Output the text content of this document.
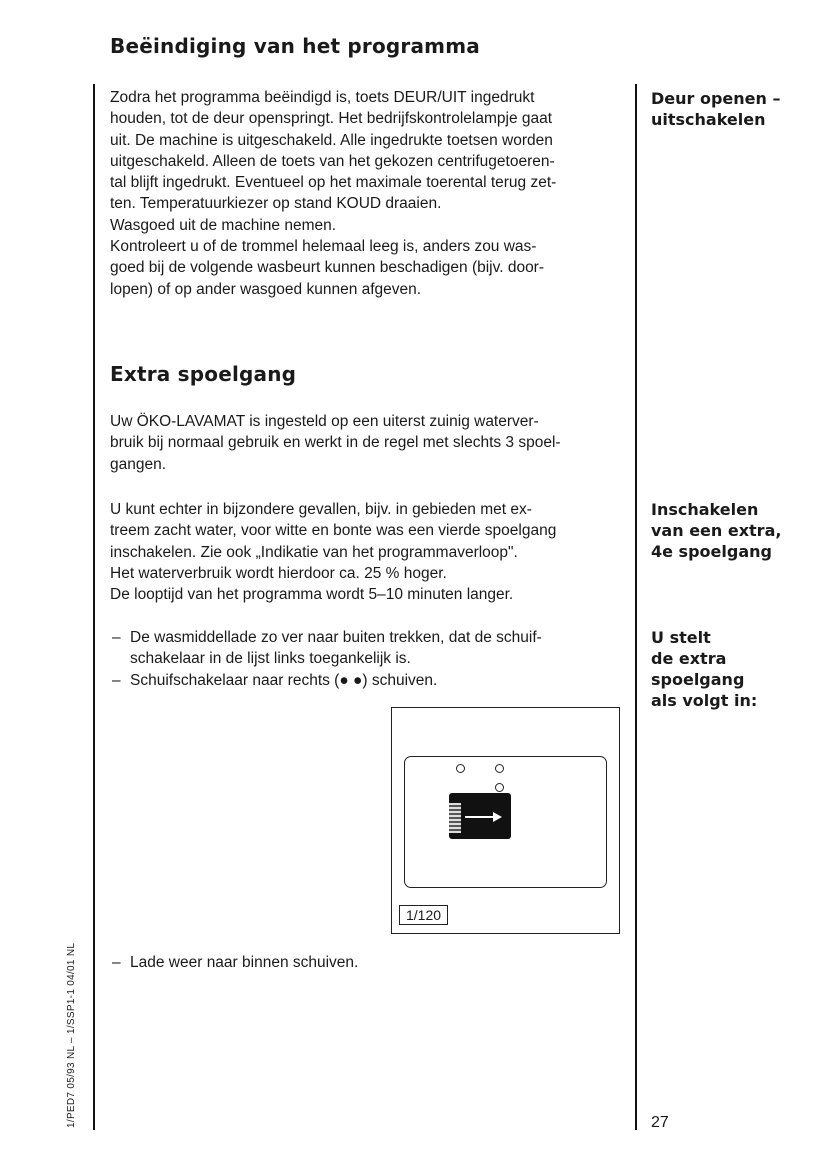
Beëindiging van het programma
Zodra het programma beëindigd is, toets DEUR/UIT ingedrukt
houden, tot de deur openspringt. Het bedrijfskontrolelampje gaat
uit. De machine is uitgeschakeld. Alle ingedrukte toetsen worden
uitgeschakeld. Alleen de toets van het gekozen centrifugetoeren-
tal blijft ingedrukt. Eventueel op het maximale toerental terug zet-
ten. Temperatuurkiezer op stand KOUD draaien.
Wasgoed uit de machine nemen.
Kontroleert u of de trommel helemaal leeg is, anders zou was-
goed bij de volgende wasbeurt kunnen beschadigen (bijv. door-
lopen) of op ander wasgoed kunnen afgeven.
Deur openen –
uitschakelen
Extra spoelgang
Uw ÖKO-LAVAMAT is ingesteld op een uiterst zuinig waterver-
bruik bij normaal gebruik en werkt in de regel met slechts 3 spoel-
gangen.
U kunt echter in bijzondere gevallen, bijv. in gebieden met ex-
treem zacht water, voor witte en bonte was een vierde spoelgang
inschakelen. Zie ook „Indikatie van het programmaverloop".
Het waterverbruik wordt hierdoor ca. 25 % hoger.
De looptijd van het programma wordt 5–10 minuten langer.
Inschakelen
van een extra,
4e spoelgang
U stelt
de extra
spoelgang
als volgt in:
– De wasmiddellade zo ver naar buiten trekken, dat de schuif-
schakelaar in de lijst links toegankelijk is.
– Schuifschakelaar naar rechts (● ●) schuiven.
1/120
– Lade weer naar binnen schuiven.
1/PED7 05/93 NL – 1/SSP1-1 04/01 NL	27
